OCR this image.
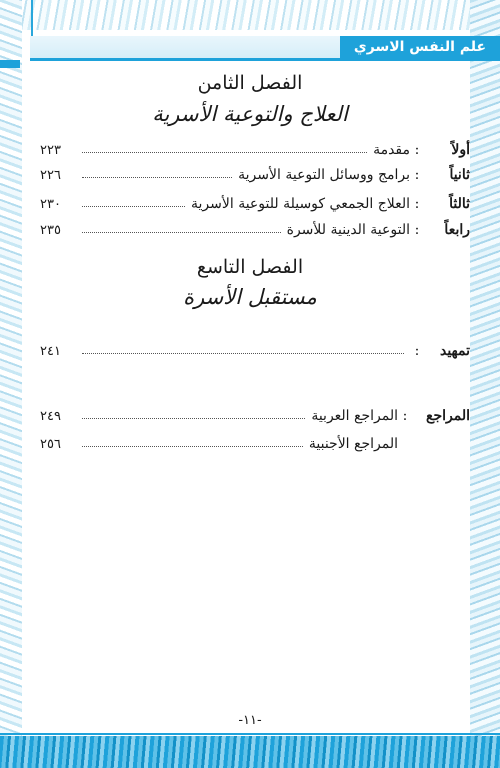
علم النفس الاسري
الفصل الثامن
العلاج والتوعية الأسرية
أولاً
:
مقدمة
٢٢٣
ثانياً
:
برامج ووسائل التوعية الأسرية
٢٢٦
ثالثاً
:
العلاج الجمعي كوسيلة للتوعية الأسرية
٢٣٠
رابعاً
:
التوعية الدينية للأسرة
٢٣٥
الفصل التاسع
مستقبل الأسرة
تمهيد
:
٢٤١
المراجع
:
المراجع العربية
٢٤٩
المراجع الأجنبية
٢٥٦
-١١-
